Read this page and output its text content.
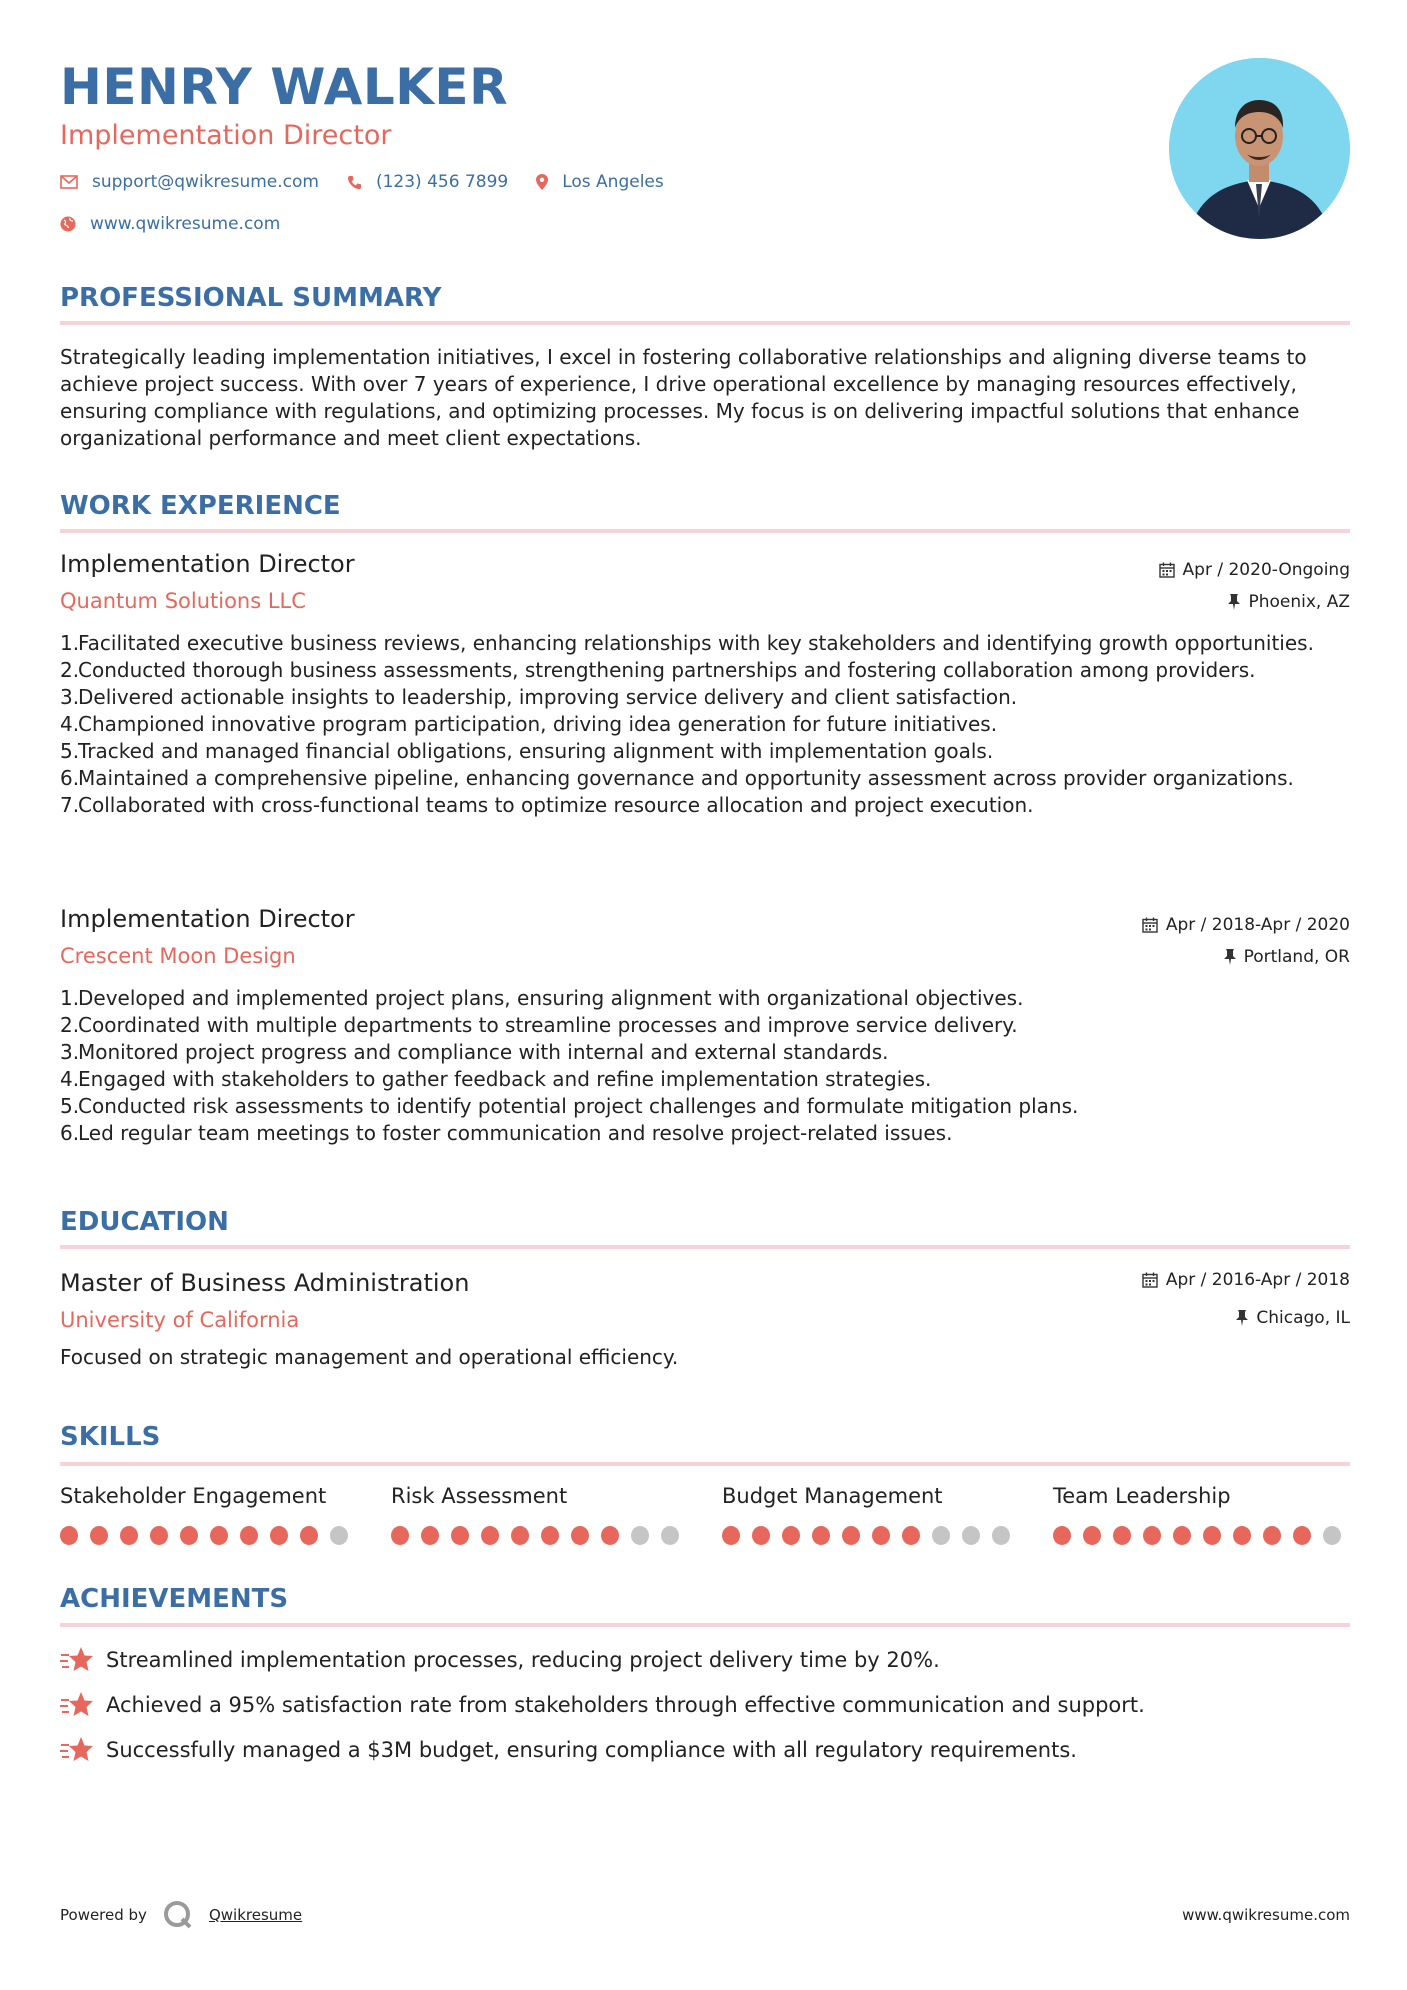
HENRY WALKER
Implementation Director
support@qwikresume.com	(123) 456 7899	Los Angeles
www.qwikresume.com
PROFESSIONAL SUMMARY
Strategically leading implementation initiatives, I excel in fostering collaborative relationships and aligning diverse teams to achieve project success. With over 7 years of experience, I drive operational excellence by managing resources effectively, ensuring compliance with regulations, and optimizing processes. My focus is on delivering impactful solutions that enhance organizational performance and meet client expectations.
WORK EXPERIENCE
Implementation Director
Quantum Solutions LLC
Apr / 2020-Ongoing
Phoenix, AZ
1.
Facilitated executive business reviews, enhancing relationships with key stakeholders and identifying growth opportunities.
2.
Conducted thorough business assessments, strengthening partnerships and fostering collaboration among providers.
3.
Delivered actionable insights to leadership, improving service delivery and client satisfaction.
4.
Championed innovative program participation, driving idea generation for future initiatives.
5.
Tracked and managed financial obligations, ensuring alignment with implementation goals.
6.
Maintained a comprehensive pipeline, enhancing governance and opportunity assessment across provider organizations.
7.
Collaborated with cross-functional teams to optimize resource allocation and project execution.
Implementation Director
Crescent Moon Design
Apr / 2018-Apr / 2020
Portland, OR
1.
Developed and implemented project plans, ensuring alignment with organizational objectives.
2.
Coordinated with multiple departments to streamline processes and improve service delivery.
3.
Monitored project progress and compliance with internal and external standards.
4.
Engaged with stakeholders to gather feedback and refine implementation strategies.
5.
Conducted risk assessments to identify potential project challenges and formulate mitigation plans.
6.
Led regular team meetings to foster communication and resolve project-related issues.
EDUCATION
Master of Business Administration
University of California
Apr / 2016-Apr / 2018
Chicago, IL
Focused on strategic management and operational efficiency.
SKILLS
Stakeholder Engagement	Risk Assessment	Budget Management	Team Leadership
ACHIEVEMENTS
Streamlined implementation processes, reducing project delivery time by 20%.
Achieved a 95% satisfaction rate from stakeholders through effective communication and support.
Successfully managed a $3M budget, ensuring compliance with all regulatory requirements.
Powered by	Qwikresume	www.qwikresume.com
